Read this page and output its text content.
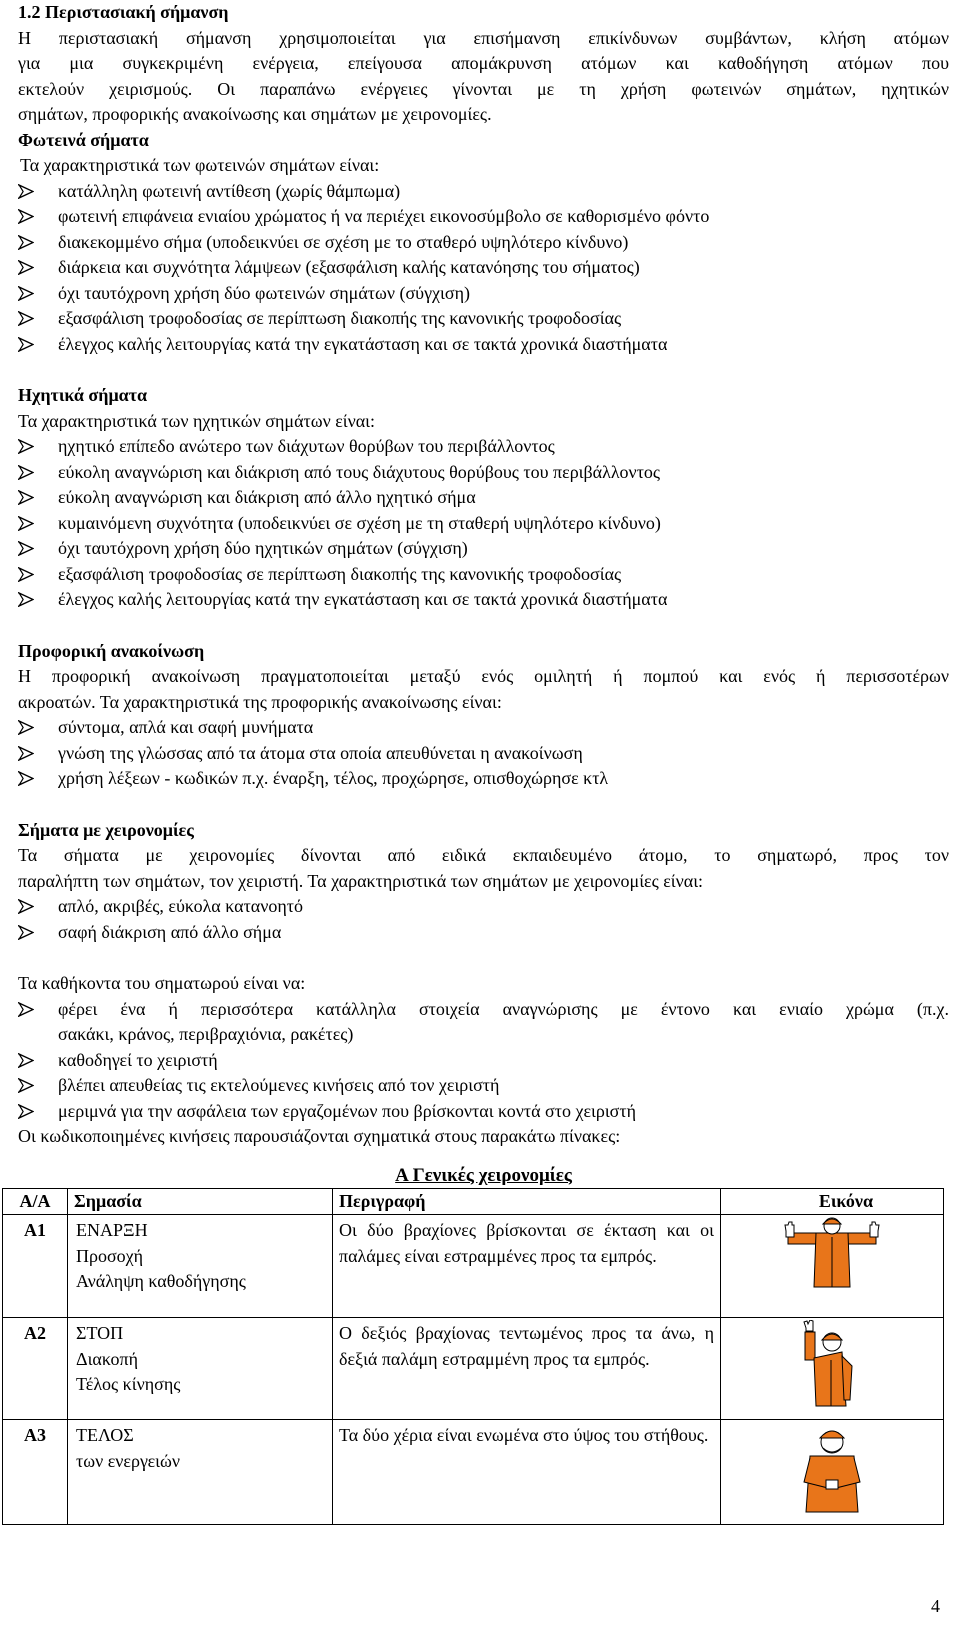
1.2 Περιστασιακή σήμανση
Η περιστασιακή σήμανση χρησιμοποιείται για επισήμανση επικίνδυνων συμβάντων, κλήση ατόμων
για μια συγκεκριμένη ενέργεια, επείγουσα απομάκρυνση ατόμων και καθοδήγηση ατόμων που
εκτελούν χειρισμούς. Οι παραπάνω ενέργειες γίνονται με τη χρήση φωτεινών σημάτων, ηχητικών
σημάτων, προφορικής ανακοίνωσης και σημάτων με χειρονομίες.
Φωτεινά σήματα
Τα χαρακτηριστικά των φωτεινών σημάτων είναι:
κατάλληλη φωτεινή αντίθεση (χωρίς θάμπωμα)
φωτεινή επιφάνεια ενιαίου χρώματος ή να περιέχει εικονοσύμβολο σε καθορισμένο φόντο
διακεκομμένο σήμα (υποδεικνύει σε σχέση με το σταθερό υψηλότερο κίνδυνο)
διάρκεια και συχνότητα λάμψεων (εξασφάλιση καλής κατανόησης του σήματος)
όχι ταυτόχρονη χρήση δύο φωτεινών σημάτων (σύγχιση)
εξασφάλιση τροφοδοσίας σε περίπτωση διακοπής της κανονικής τροφοδοσίας
έλεγχος καλής λειτουργίας κατά την εγκατάσταση και σε τακτά χρονικά διαστήματα
Ηχητικά σήματα
Τα χαρακτηριστικά των ηχητικών σημάτων είναι:
ηχητικό επίπεδο ανώτερο των διάχυτων θορύβων του περιβάλλοντος
εύκολη αναγνώριση και διάκριση από τους διάχυτους θορύβους του περιβάλλοντος
εύκολη αναγνώριση και διάκριση από άλλο ηχητικό σήμα
κυμαινόμενη συχνότητα (υποδεικνύει σε σχέση με τη σταθερή υψηλότερο κίνδυνο)
όχι ταυτόχρονη χρήση δύο ηχητικών σημάτων (σύγχιση)
εξασφάλιση τροφοδοσίας σε περίπτωση διακοπής της κανονικής τροφοδοσίας
έλεγχος καλής λειτουργίας κατά την εγκατάσταση και σε τακτά χρονικά διαστήματα
Προφορική ανακοίνωση
Η προφορική ανακοίνωση πραγματοποιείται μεταξύ ενός ομιλητή ή πομπού και ενός ή περισσοτέρων
ακροατών. Τα χαρακτηριστικά της προφορικής ανακοίνωσης είναι:
σύντομα, απλά και σαφή μυνήματα
γνώση της γλώσσας από τα άτομα στα οποία απευθύνεται η ανακοίνωση
χρήση λέξεων - κωδικών π.χ. έναρξη, τέλος, προχώρησε, οπισθοχώρησε κτλ
Σήματα με χειρονομίες
Τα σήματα με χειρονομίες δίνονται από ειδικά εκπαιδευμένο άτομο, το σηματωρό, προς τον
παραλήπτη των σημάτων, τον χειριστή. Τα χαρακτηριστικά των σημάτων με χειρονομίες είναι:
απλό, ακριβές, εύκολα κατανοητό
σαφή διάκριση από άλλο σήμα
Τα καθήκοντα του σηματωρού είναι να:
φέρει ένα ή περισσότερα κατάλληλα στοιχεία αναγνώρισης με έντονο και ενιαίο χρώμα (π.χ.
σακάκι, κράνος, περιβραχιόνια, ρακέτες)
καθοδηγεί το χειριστή
βλέπει απευθείας τις εκτελούμενες κινήσεις από τον χειριστή
μεριμνά για την ασφάλεια των εργαζομένων που βρίσκονται κοντά στο χειριστή
Οι κωδικοποιημένες κινήσεις παρουσιάζονται σχηματικά στους παρακάτω πίνακες:
Α Γενικές χειρονομίες
Α/Α	Σημασία	Περιγραφή	Εικόνα
Α1	ΕΝΑΡΞΗ
Προσοχή
Ανάληψη καθοδήγησης	Οι δύο βραχίονες βρίσκονται σε έκταση και οι παλάμες είναι εστραμμένες προς τα εμπρός.	

Α2	ΣΤΟΠ
Διακοπή
Τέλος κίνησης	Ο δεξιός βραχίονας τεντωμένος προς τα άνω, η δεξιά παλάμη εστραμμένη προς τα εμπρός.	

Α3	ΤΕΛΟΣ
των ενεργειών	Τα δύο χέρια είναι ενωμένα στο ύψος του στήθους.	
4
